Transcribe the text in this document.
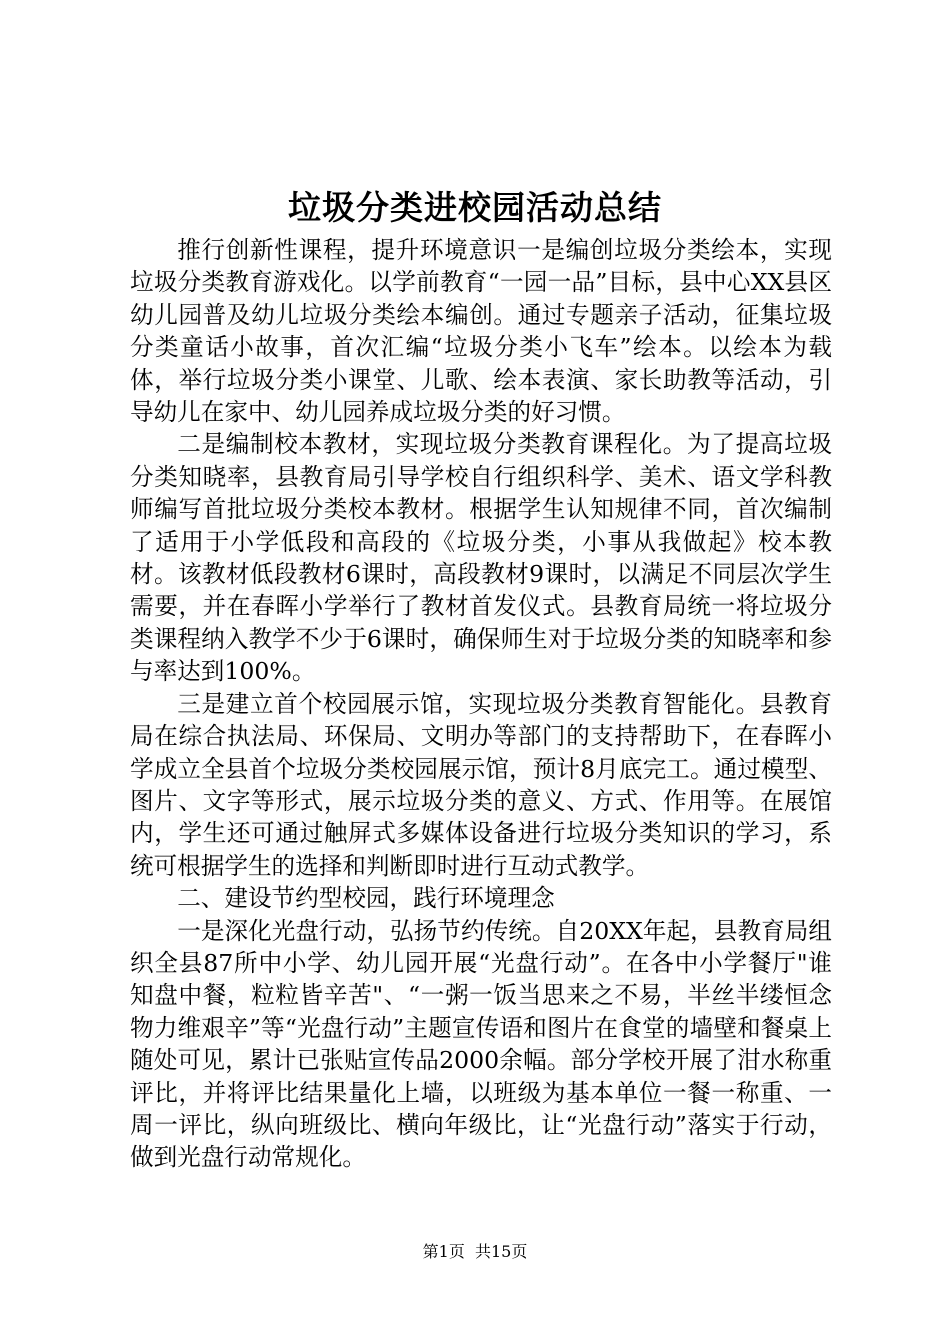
垃圾分类进校园活动总结

推行创新性课程，提升环境意识一是编创垃圾分类绘本，实现垃圾分类教育游戏化。以学前教育“一园一品”目标，县中心XX县区幼儿园普及幼儿垃圾分类绘本编创。通过专题亲子活动，征集垃圾分类童话小故事，首次汇编“垃圾分类小飞车”绘本。以绘本为载体，举行垃圾分类小课堂、儿歌、绘本表演、家长助教等活动，引导幼儿在家中、幼儿园养成垃圾分类的好习惯。

二是编制校本教材，实现垃圾分类教育课程化。为了提高垃圾分类知晓率，县教育局引导学校自行组织科学、美术、语文学科教师编写首批垃圾分类校本教材。根据学生认知规律不同，首次编制了适用于小学低段和高段的《垃圾分类，小事从我做起》校本教材。该教材低段教材6课时，高段教材9课时，以满足不同层次学生需要，并在春晖小学举行了教材首发仪式。县教育局统一将垃圾分类课程纳入教学不少于6课时，确保师生对于垃圾分类的知晓率和参与率达到100%。

三是建立首个校园展示馆，实现垃圾分类教育智能化。县教育局在综合执法局、环保局、文明办等部门的支持帮助下，在春晖小学成立全县首个垃圾分类校园展示馆，预计8月底完工。通过模型、图片、文字等形式，展示垃圾分类的意义、方式、作用等。在展馆内，学生还可通过触屏式多媒体设备进行垃圾分类知识的学习，系统可根据学生的选择和判断即时进行互动式教学。

二、建设节约型校园，践行环境理念

一是深化光盘行动，弘扬节约传统。自20XX年起，县教育局组织全县87所中小学、幼儿园开展“光盘行动”。在各中小学餐厅"谁知盘中餐，粒粒皆辛苦"、“一粥一饭当思来之不易，半丝半缕恒念物力维艰辛”等“光盘行动”主题宣传语和图片在食堂的墙壁和餐桌上随处可见，累计已张贴宣传品2000余幅。部分学校开展了泔水称重评比，并将评比结果量化上墙，以班级为基本单位一餐一称重、一周一评比，纵向班级比、横向年级比，让“光盘行动”落实于行动，做到光盘行动常规化。

第1页  共15页
